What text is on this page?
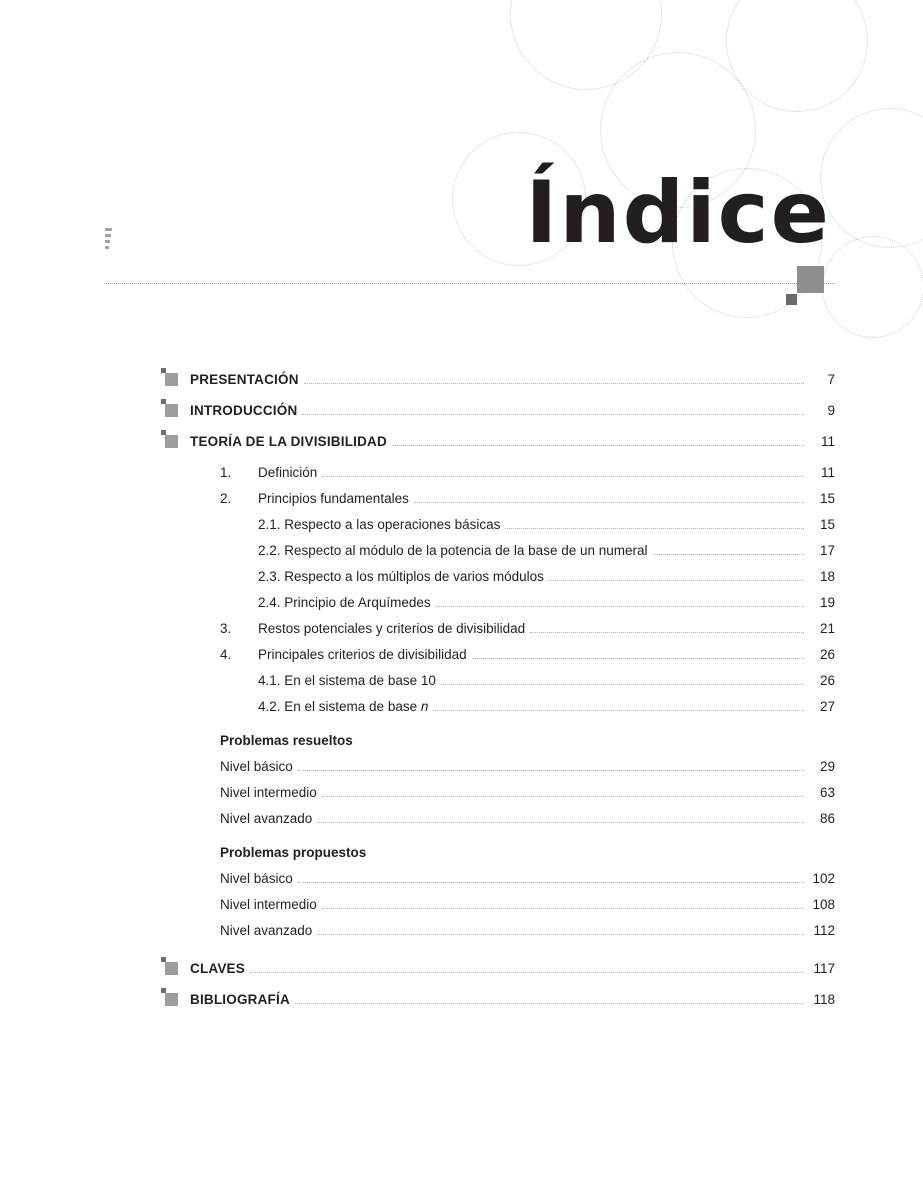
Índice
PRESENTACIÓN	7
INTRODUCCIÓN	9
TEORÍA DE LA DIVISIBILIDAD	11
1. Definición	11
2. Principios fundamentales	15
2.1. Respecto a las operaciones básicas	15
2.2. Respecto al módulo de la potencia de la base de un numeral	17
2.3. Respecto a los múltiplos de varios módulos	18
2.4. Principio de Arquímedes	19
3. Restos potenciales y criterios de divisibilidad	21
4. Principales criterios de divisibilidad	26
4.1. En el sistema de base 10	26
4.2. En el sistema de base n	27
Problemas resueltos
Nivel básico	29
Nivel intermedio	63
Nivel avanzado	86
Problemas propuestos
Nivel básico	102
Nivel intermedio	108
Nivel avanzado	112
CLAVES	117
BIBLIOGRAFÍA	118
